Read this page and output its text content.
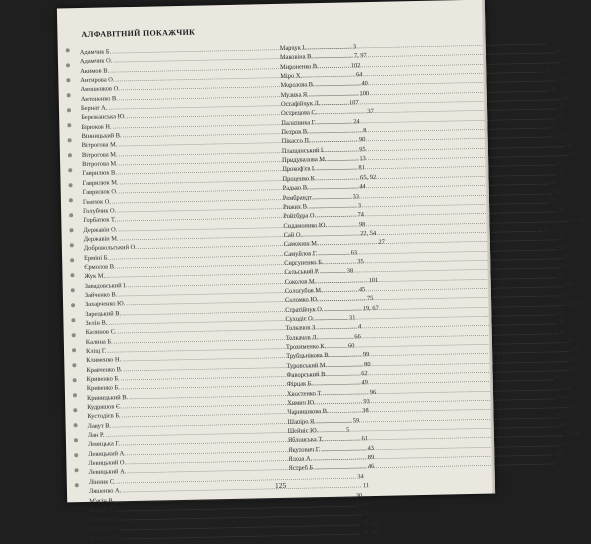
АЛФАВІТНИЙ ПОКАЖЧИК
Адамчик Б.
.....
3
Адамчик О.
.....
7, 97
Акимов В.
.....
102
Ангирова О.
.....
64
Аношенков О.
.....
40
Антоненко В.
.....
100
Бернат А.
.....
107
Бережанська Ю.
.....
37
Бірюков Н.
.....
24
Вінницький В.
.....
8
Вітрогова М.
.....
90
Вітрогова М.
.....
95
Вітрогова М.
.....
13
Гаврилюк В.
.....
81
Гаврилюк М.
.....
65, 92
Гаврилюк О.
.....
44
Гнатюк О.
.....
33
Голубчик О.
.....
3
Горбатюк Т.
.....
74
Державін О.
.....
98
Державін М.
.....
22, 54
Добровольський О.
.....
27
Ерміні Б.
.....
63
Єрмолов В.
.....
35
Жук М.
.....
38
Завадовський І.
.....
101
Зайченко В.
.....
45
Захарченко Ю.
.....
75
Зарецький В.
.....
19, 67
Зелін В.
.....
31
Калинов С.
.....
4
Калина Б.
.....
66
Кліщ Г.
.....
60
Клименко Н.
.....
99
Кравченко В.
.....
80
Кривенко Б.
.....
62
Кривенко Б.
.....
49
Кривицький В.
.....
96
Кудряшов Є.
.....
93
Кустодієв Б.
.....
38
Лавут В.
.....
59
Лан Р.
.....
5
Левицька Г.
.....
61
Левицький А.
.....
43
Левицький О.
.....
89
Левицький А.
.....
46
Лінник С.
.....
34
Ляшенко А.
.....
11
М'ягін В.
.....
30
Мазур П.
.....
6, 63
Малахов В.
.....
70
Малахов Г.
.....
79, 80
Малахів П.
.....
79, 80
Марчук І.
.....
Маковіна В.
.....
96
Мироненко В.
.....
53
Міро Х.
.....
39
Морозова В.
.....
105
Музика Я.
.....
48
Остафійчук Л.
.....
84
Острецова С.
.....
49
Палатника Г.
.....
52
Петров В.
.....
27
Пікассо П.
.....
11, 21
Плащанський І.
.....
40
Придувалова М.
.....
42
Прокоф'єв І.
.....
2
Проценко К.
.....
73
Радько В.
.....
82
Рембрандт
.....
52
Рижих В.
.....
71
Ройтбура О.
.....
26
Сидамонико Ю.
.....
25, 26
Сай О.
.....
50
Самокиш М.
.....
5
Самуйлов Г.
.....
94
Сиргуненко Б.
.....
57
Сельський Р.
.....
58
Соколов М.
.....
55
Сологубов М.
.....
104
Соломко Ю.
.....
47
Стратійчук О.
.....
18, 23
Суходіє О.
.....
34
Толкачов З.
.....
32
Толкачов Л.
.....
85
Трохименко К.
.....
92
Трубцьнікова В.
.....
72
Туровський М.
.....
87
Фаворський В.
.....
87
Фірцак Б.
.....
53
Хвостенко Т.
.....
24
Химич Ю.
.....
104
Чарнишкова В.
.....
91
Шапіро Я.
.....
31
Шейніс Ю.
.....
88
Яблонська Т.
.....
79, 85
Якутович Г.
.....
16
Ялоза А.
.....
103
Ястреб Б.
.....
125
